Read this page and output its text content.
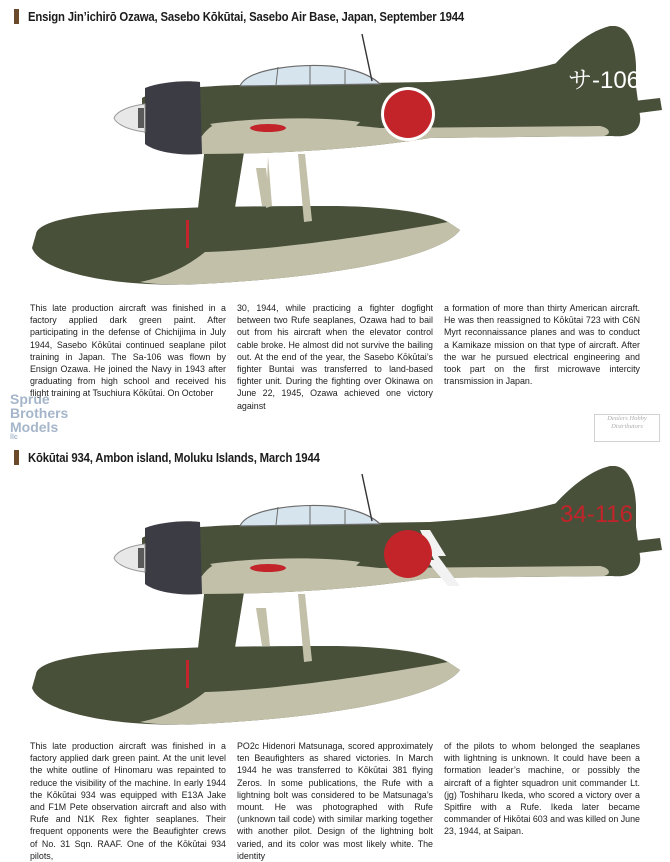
Ensign Jin’ichirō Ozawa, Sasebo Kōkūtai, Sasebo Air Base, Japan, September 1944
サ-106
This late production aircraft was finished in a factory applied dark green paint. After participating in the defense of Chichijima in July 1944, Sasebo Kōkūtai continued seaplane pilot training in Japan. The Sa-106 was flown by Ensign Ozawa. He joined the Navy in 1943 after graduating from high school and received his flight training at Tsuchiura Kōkūtai. On October
30, 1944, while practicing a fighter dogfight between two Rufe seaplanes, Ozawa had to bail out from his aircraft when the elevator control cable broke. He almost did not survive the bailing out. At the end of the year, the Sasebo Kōkūtai’s fighter Buntai was transferred to land-based fighter unit. During the fighting over Okinawa on June 22, 1945, Ozawa achieved one victory against
a formation of more than thirty American aircraft. He was then reassigned to Kōkūtai 723 with C6N Myrt reconnaissance planes and was to conduct a Kamikaze mission on that type of aircraft. After the war he pursued electrical engineering and took part on the first microwave intercity transmission in Japan.
Sprue
Brothers
Models
llc
Dealers Hobby Distributors
Kōkūtai 934, Ambon island, Moluku Islands, March 1944
34-116
This late production aircraft was finished in a factory applied dark green paint. At the unit level the white outline of Hinomaru was repainted to reduce the visibility of the machine. In early 1944 the Kōkūtai 934 was equipped with E13A Jake and F1M Pete observation aircraft and also with Rufe and N1K Rex fighter seaplanes. Their frequent opponents were the Beaufighter crews of No. 31 Sqn. RAAF. One of the Kōkūtai 934 pilots,
PO2c Hidenori Matsunaga, scored approximately ten Beaufighters as shared victories. In March 1944 he was transferred to Kōkūtai 381 flying Zeros. In some publications, the Rufe with a lightning bolt was considered to be Matsunaga’s mount. He was photographed with Rufe (unknown tail code) with similar marking together with another pilot. Design of the lightning bolt varied, and its color was most likely white. The identity
of the pilots to whom belonged the seaplanes with lightning is unknown. It could have been a formation leader’s machine, or possibly the aircraft of a fighter squadron unit commander Lt.(jg) Toshiharu Ikeda, who scored a victory over a Spitfire with a Rufe. Ikeda later became commander of Hikōtai 603 and was killed on June 23, 1944, at Saipan.
